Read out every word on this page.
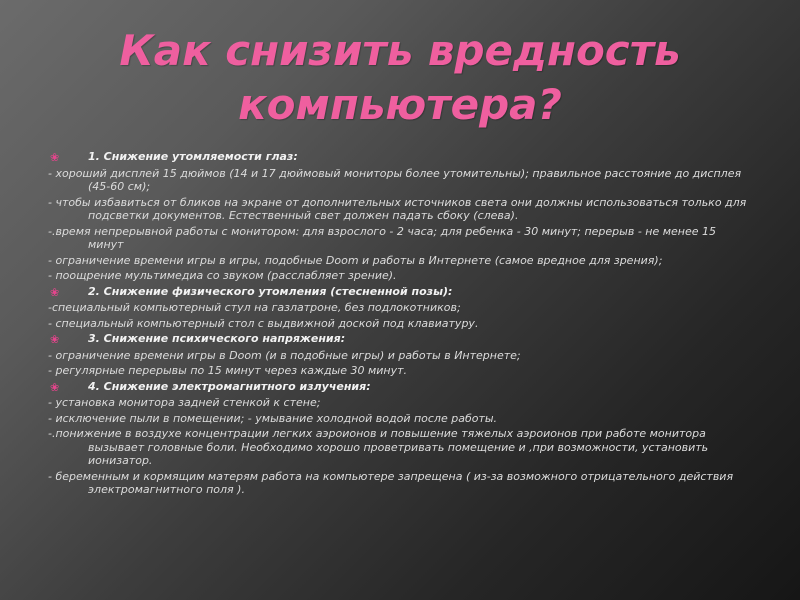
Как снизить вредность
компьютера?
❀	1. Снижение утомляемости глаз:
- хороший дисплей 15 дюймов (14 и 17 дюймовый мониторы более утомительны); правильное расстояние до дисплея (45-60 см);
- чтобы избавиться от бликов на экране от дополнительных источников света они должны использоваться только для подсветки документов. Естественный свет должен падать сбоку (слева).
-.время непрерывной работы с монитором: для взрослого - 2 часа; для ребенка - 30 минут; перерыв - не менее 15 минут
- ограничение времени игры в игры, подобные Doom и работы в Интернете (самое вредное для зрения);
- поощрение мультимедиа со звуком (расслабляет зрение).
❀	2. Снижение физического утомления (стесненной позы):
-специальный компьютерный стул на газлатроне, без подлокотников;
- специальный компьютерный стол с выдвижной доской под клавиатуру.
❀	3. Снижение психического напряжения:
- ограничение времени игры в Doom (и в подобные игры) и работы в Интернете;
- регулярные перерывы по 15 минут через каждые 30 минут.
❀	4. Снижение электромагнитного излучения:
- установка монитора задней стенкой к стене;
- исключение пыли в помещении; - умывание холодной водой после работы.
-.понижение в воздухе концентрации легких аэроионов и повышение тяжелых аэроионов при работе монитора вызывает головные боли. Необходимо хорошо проветривать помещение и ,при возможности, установить ионизатор.
- беременным и кормящим матерям работа на компьютере запрещена ( из-за возможного отрицательного действия электромагнитного поля ).
